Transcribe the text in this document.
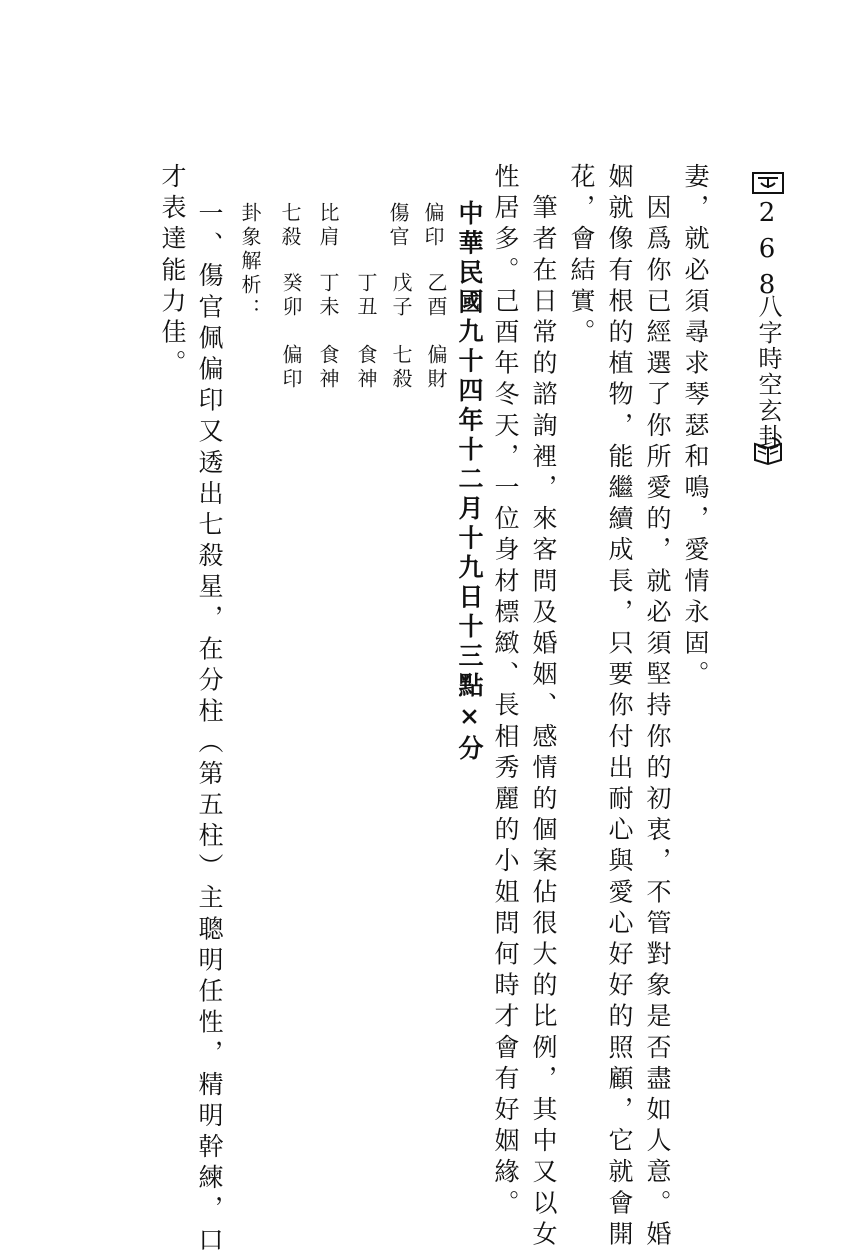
268
八字時空玄卦
妻，就必須尋求琴瑟和鳴，愛情永固。
　因爲你已經選了你所愛的，就必須堅持你的初衷，不管對象是否盡如人意。婚
姻就像有根的植物，能繼續成長，只要你付出耐心與愛心好好的照顧，它就會開
花，會結實。
　筆者在日常的諮詢裡，來客問及婚姻、感情的個案佔很大的比例，其中又以女
性居多。己酉年冬天，一位身材標緻、長相秀麗的小姐問何時才會有好姻緣。
中華民國九十四年十二月十九日十三點×分
偏印
乙酉　偏財
傷官
戊子　七殺
丁丑　食神
比肩
丁未　食神
七殺
癸卯　偏印
卦象解析：
一、傷官佩偏印又透出七殺星，在分柱（第五柱）主聰明任性，精明幹練，口
才表達能力佳。
